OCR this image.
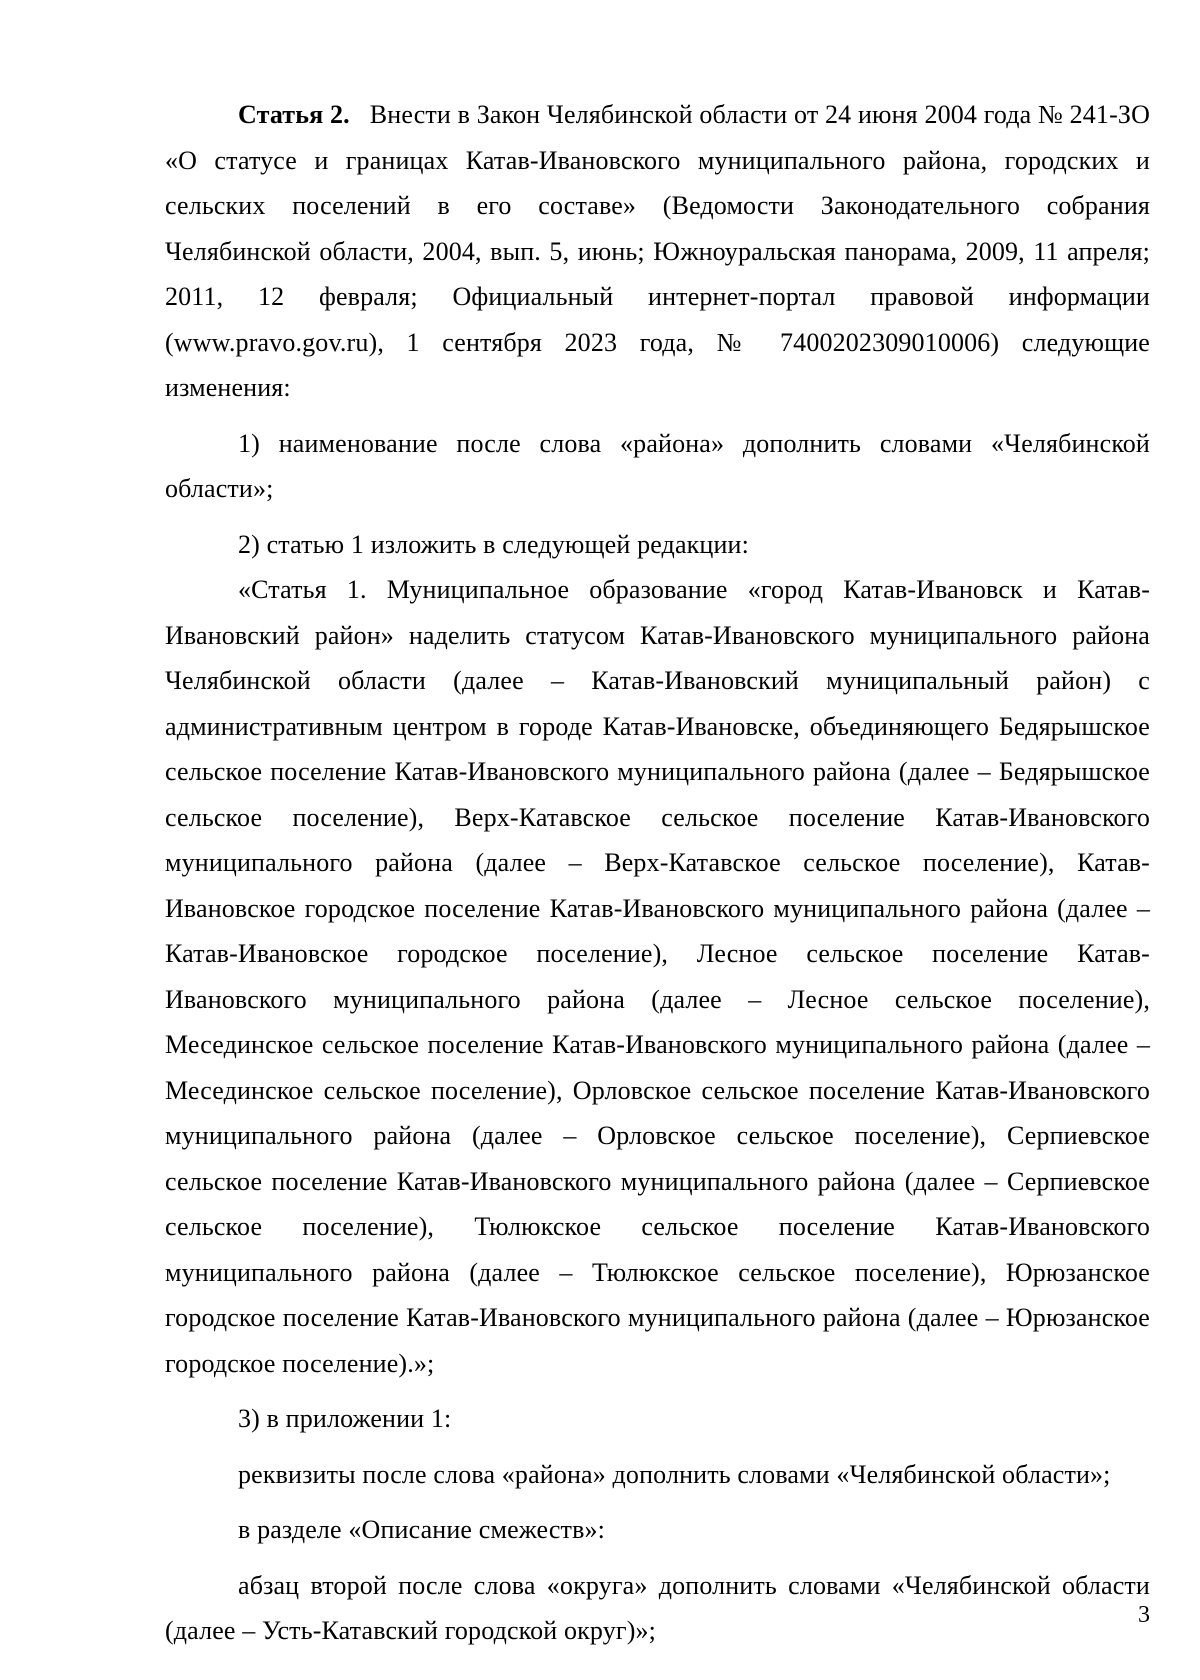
Статья 2. Внести в Закон Челябинской области от 24 июня 2004 года № 241-ЗО «О статусе и границах Катав-Ивановского муниципального района, городских и сельских поселений в его составе» (Ведомости Законодательного собрания Челябинской области, 2004, вып. 5, июнь; Южноуральская панорама, 2009, 11 апреля; 2011, 12 февраля; Официальный интернет-портал правовой информации (www.pravo.gov.ru), 1 сентября 2023 года, № 7400202309010006) следующие изменения:

1) наименование после слова «района» дополнить словами «Челябинской области»;

2) статью 1 изложить в следующей редакции:

«Статья 1. Муниципальное образование «город Катав-Ивановск и Катав-Ивановский район» наделить статусом Катав-Ивановского муниципального района Челябинской области (далее – Катав-Ивановский муниципальный район) с административным центром в городе Катав-Ивановске, объединяющего Бедярышское сельское поселение Катав-Ивановского муниципального района (далее – Бедярышское сельское поселение), Верх-Катавское сельское поселение Катав-Ивановского муниципального района (далее – Верх-Катавское сельское поселение), Катав-Ивановское городское поселение Катав-Ивановского муниципального района (далее – Катав-Ивановское городское поселение), Лесное сельское поселение Катав-Ивановского муниципального района (далее – Лесное сельское поселение), Месединское сельское поселение Катав-Ивановского муниципального района (далее – Месединское сельское поселение), Орловское сельское поселение Катав-Ивановского муниципального района (далее – Орловское сельское поселение), Серпиевское сельское поселение Катав-Ивановского муниципального района (далее – Серпиевское сельское поселение), Тюлюкское сельское поселение Катав-Ивановского муниципального района (далее – Тюлюкское сельское поселение), Юрюзанское городское поселение Катав-Ивановского муниципального района (далее – Юрюзанское городское поселение).»;

3) в приложении 1:

реквизиты после слова «района» дополнить словами «Челябинской области»;

в разделе «Описание смежеств»:

абзац второй после слова «округа» дополнить словами «Челябинской области (далее – Усть-Катавский городской округ)»;

3
